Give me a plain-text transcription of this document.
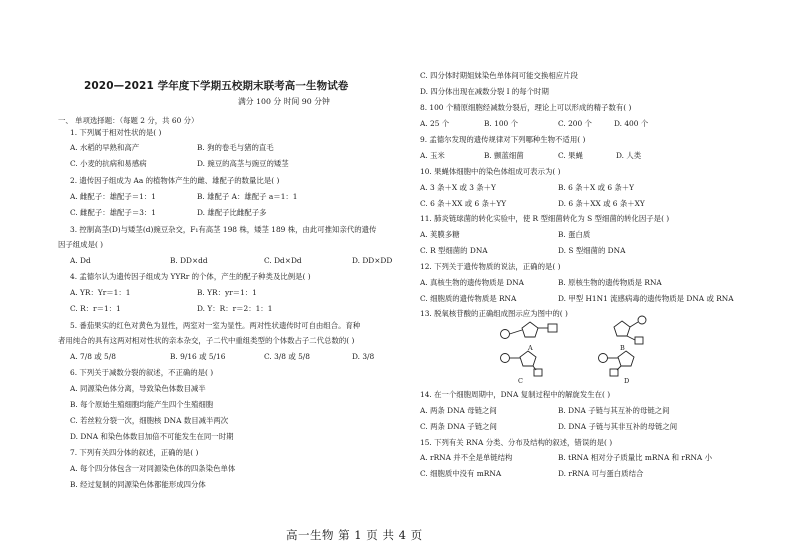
2020—2021 学年度下学期五校期末联考高一生物试卷
满分 100 分 时间 90 分钟
一、 单项选择题：（每题 2 分，共 60 分）
1. 下列属于相对性状的是( )
A. 水稻的早熟和高产	B. 狗的卷毛与猪的直毛
C. 小麦的抗病和易感病	D. 豌豆的高茎与豌豆的矮茎
2. 遗传因子组成为 Aa 的植物体产生的雌、雄配子的数量比是( )
A. 雌配子：雄配子＝1：1	B. 雄配子 A：雄配子 a＝1：1
C. 雌配子：雄配子＝3：1	D. 雄配子比雌配子多
3. 控制高茎(D)与矮茎(d)豌豆杂交，F₁有高茎 198 株，矮茎 189 株，由此可推知亲代的遗传
因子组成是( )
A. Dd	B. DD×dd	C. Dd×Dd	D. DD×DD
4. 孟德尔认为遗传因子组成为 YYRr 的个体，产生的配子种类及比例是( )
A. YR：Yr＝1：1	B. YR：yr＝1：1
C. R：r＝1：1	D. Y：R：r＝2：1：1
5. 番茄果实的红色对黄色为显性，两室对一室为显性。两对性状遗传时可自由组合。育种
者用纯合的具有这两对相对性状的亲本杂交，子二代中重组类型的个体数占子二代总数的( )
A. 7/8 或 5/8	B. 9/16 或 5/16	C. 3/8 或 5/8	D. 3/8
6. 下列关于减数分裂的叙述，不正确的是( )
A. 同源染色体分离，导致染色体数目减半
B. 每个原始生殖细胞均能产生四个生殖细胞
C. 若丝粒分裂一次，细胞核 DNA 数目减半两次
D. DNA 和染色体数目加倍不可能发生在同一时期
7. 下列有关四分体的叙述，正确的是( )
A. 每个四分体包含一对同源染色体的四条染色单体
B. 经过复制的同源染色体都能形成四分体
C. 四分体时期姐妹染色单体间可能交换相应片段
D. 四分体出现在减数分裂 I 的每个时期
8. 100 个精原细胞经减数分裂后，理论上可以形成的精子数有( )
A. 25 个	B. 100 个	C. 200 个	D. 400 个
9. 孟德尔发现的遗传规律对下列哪种生物不适用( )
A. 玉米	B. 颤蓝细菌	C. 果蝇	D. 人类
10. 果蝇体细胞中的染色体组成可表示为( )
A. 3 条＋X 或 3 条＋Y	B. 6 条＋X 或 6 条＋Y
C. 6 条＋XX 或 6 条＋YY	D. 6 条＋XX 或 6 条＋XY
11. 肺炎链球菌的转化实验中，使 R 型细菌转化为 S 型细菌的转化因子是( )
A. 荚膜多糖	B. 蛋白质
C. R 型细菌的 DNA	D. S 型细菌的 DNA
12. 下列关于遗传物质的说法，正确的是( )
A. 真核生物的遗传物质是 DNA	B. 原核生物的遗传物质是 RNA
C. 细胞质的遗传物质是 RNA	D. 甲型 H1N1 流感病毒的遗传物质是 DNA 或 RNA
13. 脱氧核苷酸的正确组成图示应为图中的( )
A	B
C	D
14. 在一个细胞周期中，DNA 复制过程中的解旋发生在( )
A. 两条 DNA 母链之间	B. DNA 子链与其互补的母链之间
C. 两条 DNA 子链之间	D. DNA 子链与其非互补的母链之间
15. 下列有关 RNA 分类、分布及结构的叙述，错误的是( )
A. rRNA 并不全是单链结构	B. tRNA 相对分子质量比 mRNA 和 rRNA 小
C. 细胞质中没有 mRNA	D. rRNA 可与蛋白质结合
高一生物 第 1 页 共 4 页
